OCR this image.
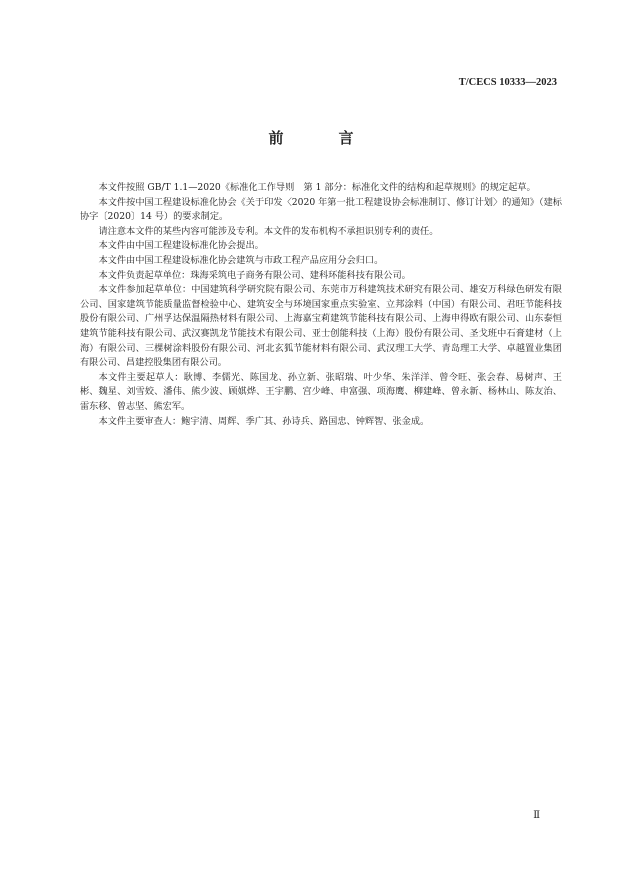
T/CECS 10333—2023
前　言

本文件按照 GB/T 1.1—2020《标准化工作导则　第 1 部分：标准化文件的结构和起草规则》的规定起草。

本文件按中国工程建设标准化协会《关于印发〈2020 年第一批工程建设协会标准制订、修订计划〉的通知》（建标协字〔2020〕14 号）的要求制定。

请注意本文件的某些内容可能涉及专利。本文件的发布机构不承担识别专利的责任。

本文件由中国工程建设标准化协会提出。

本文件由中国工程建设标准化协会建筑与市政工程产品应用分会归口。

本文件负责起草单位：珠海采筑电子商务有限公司、建科环能科技有限公司。

本文件参加起草单位：中国建筑科学研究院有限公司、东莞市万科建筑技术研究有限公司、雄安万科绿色研发有限公司、国家建筑节能质量监督检验中心、建筑安全与环境国家重点实验室、立邦涂料（中国）有限公司、君旺节能科技股份有限公司、广州孚达保温隔热材料有限公司、上海嘉宝莉建筑节能科技有限公司、上海申得欧有限公司、山东泰恒建筑节能科技有限公司、武汉赛凯龙节能技术有限公司、亚士创能科技（上海）股份有限公司、圣戈班中石膏建材（上海）有限公司、三棵树涂料股份有限公司、河北玄狐节能材料有限公司、武汉理工大学、青岛理工大学、卓越置业集团有限公司、昌建控股集团有限公司。

本文件主要起草人：耿博、李儒光、陈国龙、孙立新、张昭瑞、叶少华、朱洋洋、曾令旺、张会春、易树声、王彬、魏星、刘雪姣、潘伟、熊少波、顾娸烨、王宇鹏、宫少峰、申富强、项海鹰、柳建峰、曾永新、杨林山、陈友治、雷东移、曾志坚、熊宏军。

本文件主要审查人：鲍宇清、周辉、季广其、孙诗兵、路国忠、钟辉智、张金成。

Ⅱ
